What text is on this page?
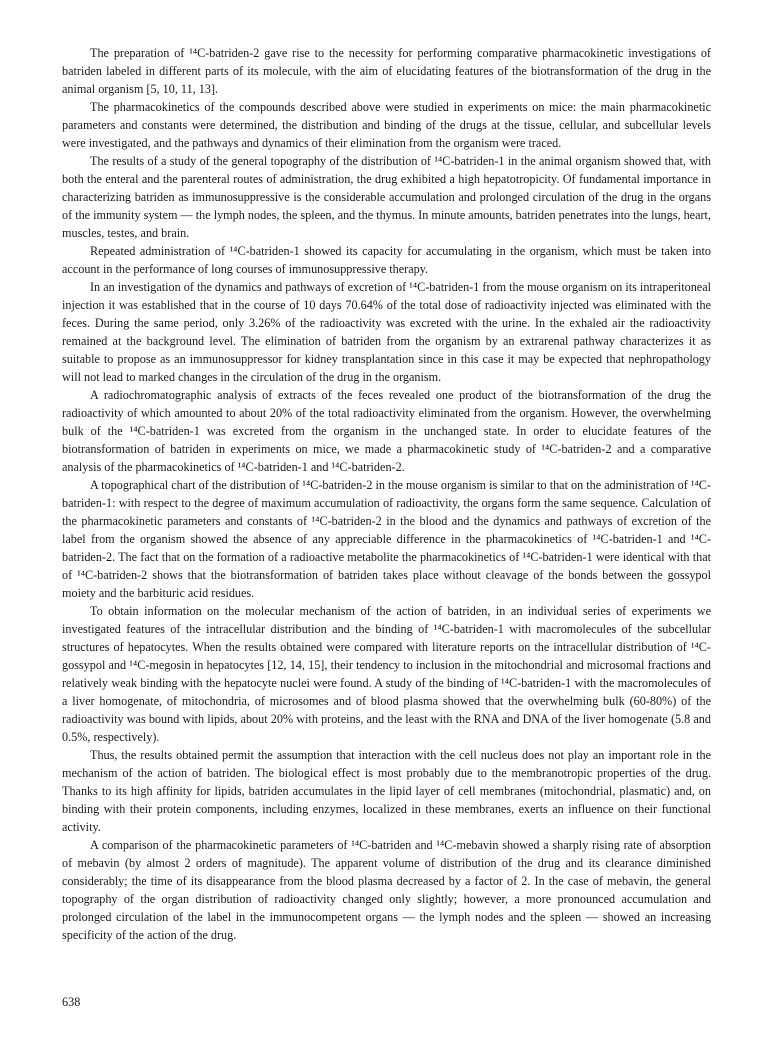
The preparation of ¹⁴C-batriden-2 gave rise to the necessity for performing comparative pharmacokinetic investigations of batriden labeled in different parts of its molecule, with the aim of elucidating features of the biotransformation of the drug in the animal organism [5, 10, 11, 13].

The pharmacokinetics of the compounds described above were studied in experiments on mice: the main pharmacokinetic parameters and constants were determined, the distribution and binding of the drugs at the tissue, cellular, and subcellular levels were investigated, and the pathways and dynamics of their elimination from the organism were traced.

The results of a study of the general topography of the distribution of ¹⁴C-batriden-1 in the animal organism showed that, with both the enteral and the parenteral routes of administration, the drug exhibited a high hepatotropicity. Of fundamental importance in characterizing batriden as immunosuppressive is the considerable accumulation and prolonged circulation of the drug in the organs of the immunity system — the lymph nodes, the spleen, and the thymus. In minute amounts, batriden penetrates into the lungs, heart, muscles, testes, and brain.

Repeated administration of ¹⁴C-batriden-1 showed its capacity for accumulating in the organism, which must be taken into account in the performance of long courses of immunosuppressive therapy.

In an investigation of the dynamics and pathways of excretion of ¹⁴C-batriden-1 from the mouse organism on its intraperitoneal injection it was established that in the course of 10 days 70.64% of the total dose of radioactivity injected was eliminated with the feces. During the same period, only 3.26% of the radioactivity was excreted with the urine. In the exhaled air the radioactivity remained at the background level. The elimination of batriden from the organism by an extrarenal pathway characterizes it as suitable to propose as an immunosuppressor for kidney transplantation since in this case it may be expected that nephropathology will not lead to marked changes in the circulation of the drug in the organism.

A radiochromatographic analysis of extracts of the feces revealed one product of the biotransformation of the drug the radioactivity of which amounted to about 20% of the total radioactivity eliminated from the organism. However, the overwhelming bulk of the ¹⁴C-batriden-1 was excreted from the organism in the unchanged state. In order to elucidate features of the biotransformation of batriden in experiments on mice, we made a pharmacokinetic study of ¹⁴C-batriden-2 and a comparative analysis of the pharmacokinetics of ¹⁴C-batriden-1 and ¹⁴C-batriden-2.

A topographical chart of the distribution of ¹⁴C-batriden-2 in the mouse organism is similar to that on the administration of ¹⁴C-batriden-1: with respect to the degree of maximum accumulation of radioactivity, the organs form the same sequence. Calculation of the pharmacokinetic parameters and constants of ¹⁴C-batriden-2 in the blood and the dynamics and pathways of excretion of the label from the organism showed the absence of any appreciable difference in the pharmacokinetics of ¹⁴C-batriden-1 and ¹⁴C-batriden-2. The fact that on the formation of a radioactive metabolite the pharmacokinetics of ¹⁴C-batriden-1 were identical with that of ¹⁴C-batriden-2 shows that the biotransformation of batriden takes place without cleavage of the bonds between the gossypol moiety and the barbituric acid residues.

To obtain information on the molecular mechanism of the action of batriden, in an individual series of experiments we investigated features of the intracellular distribution and the binding of ¹⁴C-batriden-1 with macromolecules of the subcellular structures of hepatocytes. When the results obtained were compared with literature reports on the intracellular distribution of ¹⁴C-gossypol and ¹⁴C-megosin in hepatocytes [12, 14, 15], their tendency to inclusion in the mitochondrial and microsomal fractions and relatively weak binding with the hepatocyte nuclei were found. A study of the binding of ¹⁴C-batriden-1 with the macromolecules of a liver homogenate, of mitochondria, of microsomes and of blood plasma showed that the overwhelming bulk (60-80%) of the radioactivity was bound with lipids, about 20% with proteins, and the least with the RNA and DNA of the liver homogenate (5.8 and 0.5%, respectively).

Thus, the results obtained permit the assumption that interaction with the cell nucleus does not play an important role in the mechanism of the action of batriden. The biological effect is most probably due to the membranotropic properties of the drug. Thanks to its high affinity for lipids, batriden accumulates in the lipid layer of cell membranes (mitochondrial, plasmatic) and, on binding with their protein components, including enzymes, localized in these membranes, exerts an influence on their functional activity.

A comparison of the pharmacokinetic parameters of ¹⁴C-batriden and ¹⁴C-mebavin showed a sharply rising rate of absorption of mebavin (by almost 2 orders of magnitude). The apparent volume of distribution of the drug and its clearance diminished considerably; the time of its disappearance from the blood plasma decreased by a factor of 2. In the case of mebavin, the general topography of the organ distribution of radioactivity changed only slightly; however, a more pronounced accumulation and prolonged circulation of the label in the immunocompetent organs — the lymph nodes and the spleen — showed an increasing specificity of the action of the drug.

638
